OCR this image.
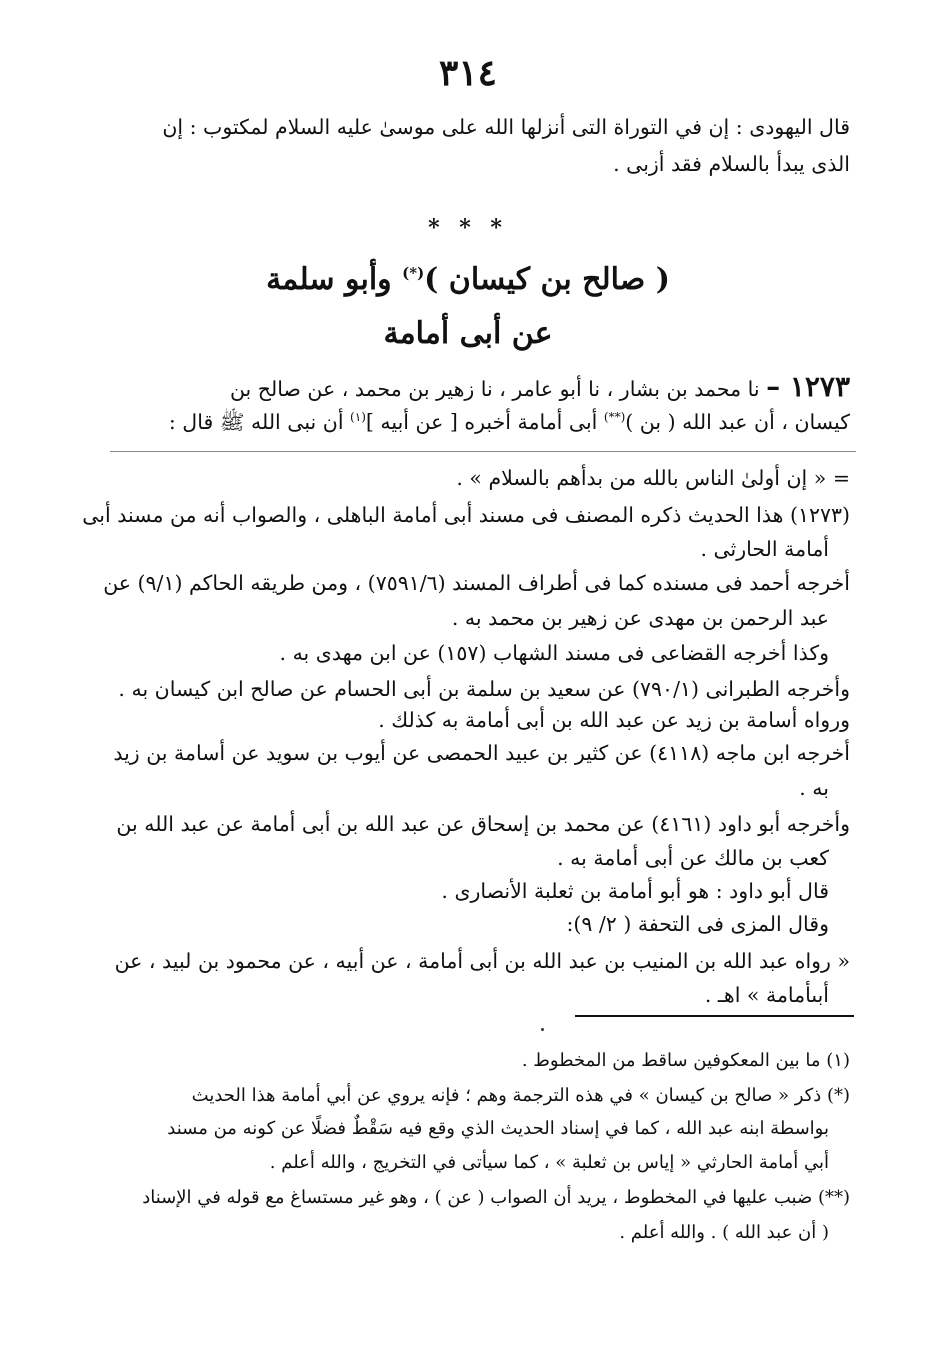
٣١٤

قال اليهودى : إن في التوراة التى أنزلها الله على موسىٰ عليه السلام لمكتوب : إن

الذى يبدأ بالسلام فقد أزبى .

* * *
( صالح بن كيسان )(*) وأبو سلمة
عن أبى أمامة

١٢٧٣ – نا محمد بن بشار ، نا أبو عامر ، نا زهير بن محمد ، عن صالح بن

كيسان ، أن عبد الله ( بن )(**) أبى أمامة أخبره [ عن أبيه ]$^{(١)}$ أن نبى الله ﷺ قال :

= « إن أولىٰ الناس بالله من بدأهم بالسلام » .

(١٢٧٣) هذا الحديث ذكره المصنف فى مسند أبى أمامة الباهلى ، والصواب أنه من مسند أبى

أمامة الحارثى .

أخرجه أحمد فى مسنده كما فى أطراف المسند (٧٥٩١/٦) ، ومن طريقه الحاكم (٩/١) عن

عبد الرحمن بن مهدى عن زهير بن محمد به .

وكذا أخرجه القضاعى فى مسند الشهاب (١٥٧) عن ابن مهدى به .

وأخرجه الطبرانى (٧٩٠/١) عن سعيد بن سلمة بن أبى الحسام عن صالح ابن كيسان به .

ورواه أسامة بن زيد عن عبد الله بن أبى أمامة به كذلك .

أخرجه ابن ماجه (٤١١٨) عن كثير بن عبيد الحمصى عن أيوب بن سويد عن أسامة بن زيد

به .

وأخرجه أبو داود (٤١٦١) عن محمد بن إسحاق عن عبد الله بن أبى أمامة عن عبد الله بن

كعب بن مالك عن أبى أمامة به .

قال أبو داود : هو أبو أمامة بن ثعلبة الأنصارى .

وقال المزى فى التحفة ( ٢/ ٩):

« رواه عبد الله بن المنيب بن عبد الله بن أبى أمامة ، عن أبيه ، عن محمود بن لبيد ، عن

أبىأمامة » اهـ .

(١) ما بين المعكوفين ساقط من المخطوط .

(*) ذكر « صالح بن كيسان » في هذه الترجمة وهم ؛ فإنه يروي عن أبي أمامة هذا الحديث

بواسطة ابنه عبد الله ، كما في إسناد الحديث الذي وقع فيه سَقْطٌ فضلًا عن كونه من مسند

أبي أمامة الحارثي « إياس بن ثعلبة » ، كما سيأتى في التخريج ، والله أعلم .

(**) ضبب عليها في المخطوط ، يريد أن الصواب ( عن ) ، وهو غير مستساغ مع قوله في الإسناد

( أن عبد الله ) . والله أعلم .
